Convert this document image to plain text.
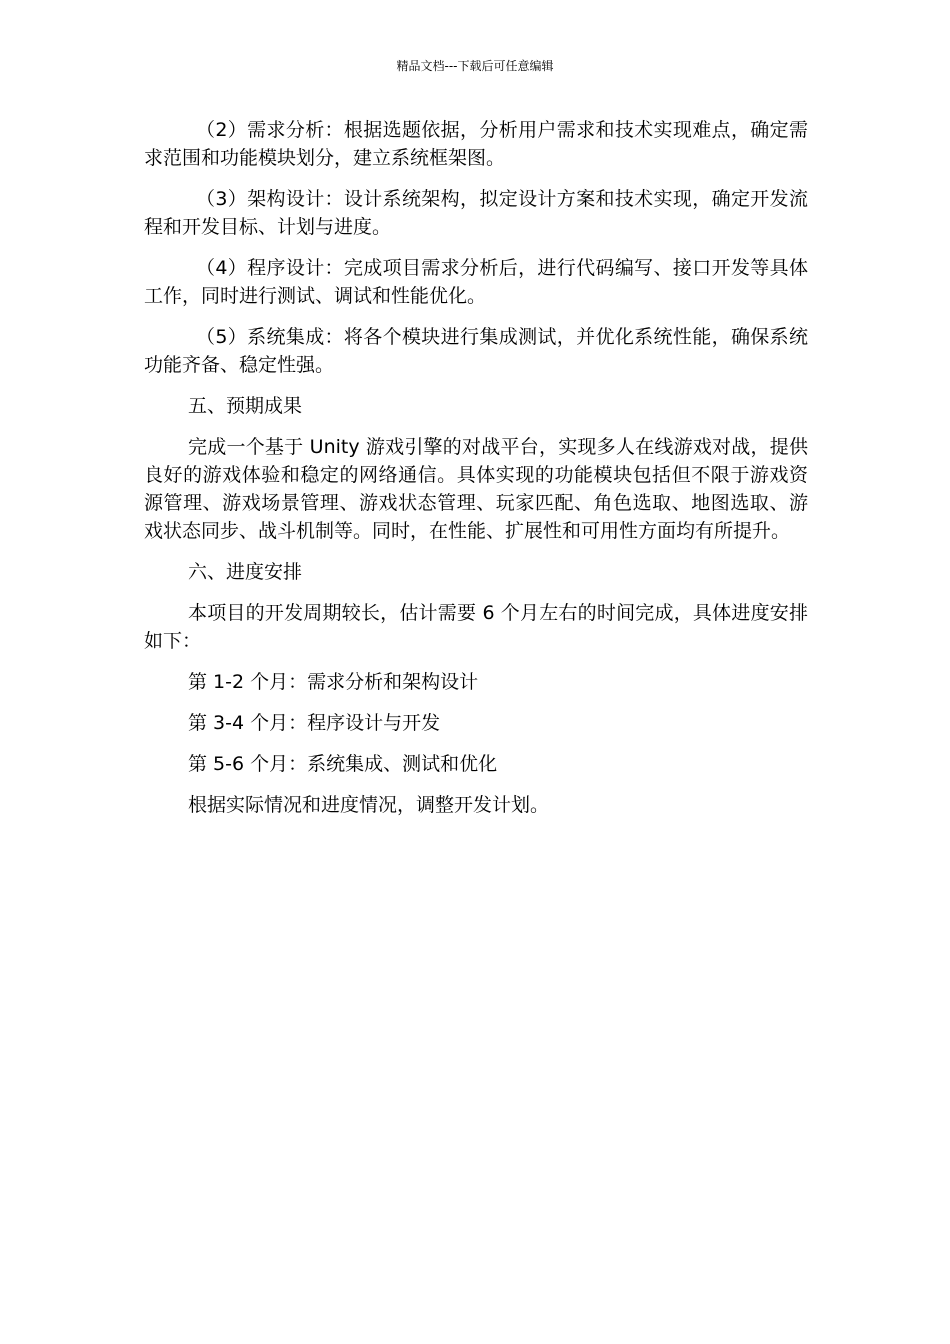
精品文档---下载后可任意编辑

（2）需求分析：根据选题依据，分析用户需求和技术实现难点，确定需求范围和功能模块划分，建立系统框架图。

（3）架构设计：设计系统架构，拟定设计方案和技术实现，确定开发流程和开发目标、计划与进度。

（4）程序设计：完成项目需求分析后，进行代码编写、接口开发等具体工作，同时进行测试、调试和性能优化。

（5）系统集成：将各个模块进行集成测试，并优化系统性能，确保系统功能齐备、稳定性强。

五、预期成果

完成一个基于 Unity 游戏引擎的对战平台，实现多人在线游戏对战，提供良好的游戏体验和稳定的网络通信。具体实现的功能模块包括但不限于游戏资源管理、游戏场景管理、游戏状态管理、玩家匹配、角色选取、地图选取、游戏状态同步、战斗机制等。同时，在性能、扩展性和可用性方面均有所提升。

六、进度安排

本项目的开发周期较长，估计需要 6 个月左右的时间完成，具体进度安排如下：

第 1-2 个月：需求分析和架构设计

第 3-4 个月：程序设计与开发

第 5-6 个月：系统集成、测试和优化

根据实际情况和进度情况，调整开发计划。
